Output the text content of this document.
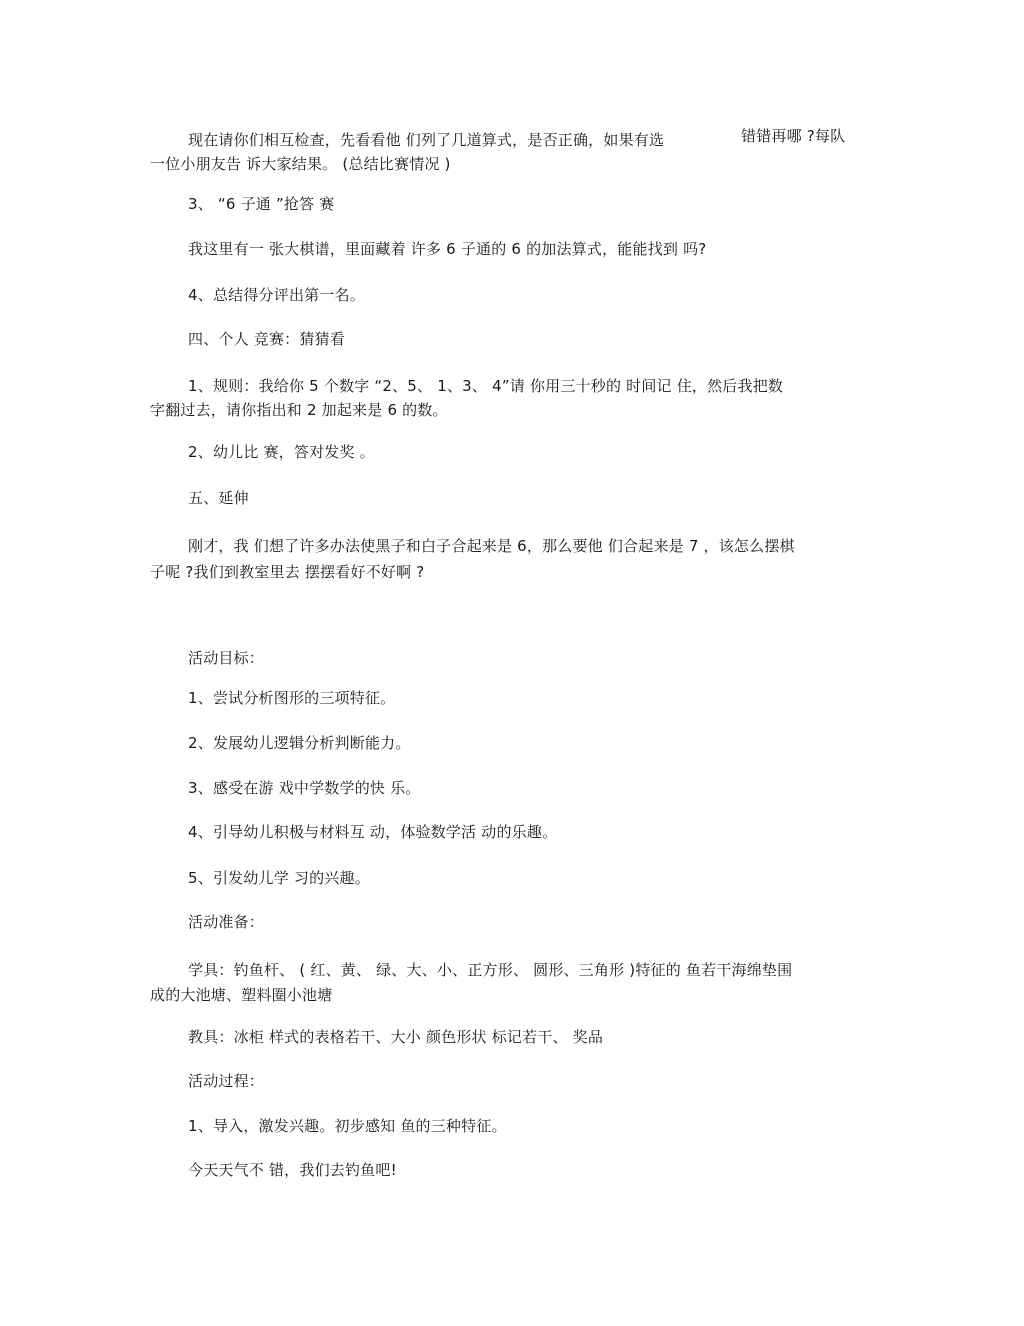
现在请你们相互检查，先看看他 们列了几道算式，是否正确，如果有选	错错再哪 ?每队
一位小朋友告 诉大家结果。 (总结比赛情况 )
3、 “6 子通 ”抢答 赛
我这里有一 张大棋谱，里面藏着 许多 6 子通的 6 的加法算式，能能找到 吗?
4、总结得分评出第一名。
四、个人 竞赛：猜猜看
1、规则：我给你 5 个数字 “2、5、 1、3、 4”请 你用三十秒的 时间记 住，然后我把数
字翻过去，请你指出和 2 加起来是 6 的数。
2、幼儿比 赛，答对发奖 。
五、延伸
刚才，我 们想了许多办法使黑子和白子合起来是 6，那么要他 们合起来是 7 ，该怎么摆棋
子呢 ?我们到教室里去 摆摆看好不好啊 ?
活动目标：
1、尝试分析图形的三项特征。
2、发展幼儿逻辑分析判断能力。
3、感受在游 戏中学数学的快 乐。
4、引导幼儿积极与材料互 动，体验数学活 动的乐趣。
5、引发幼儿学 习的兴趣。
活动准备：
学具：钓鱼杆、 ( 红、黄、 绿、大、小、正方形、 圆形、三角形 )特征的 鱼若干海绵垫围
成的大池塘、塑料圈小池塘
教具：冰柜 样式的表格若干、大小 颜色形状 标记若干、 奖品
活动过程：
1、导入，激发兴趣。初步感知 鱼的三种特征。
今天天气不 错，我们去钓鱼吧!
